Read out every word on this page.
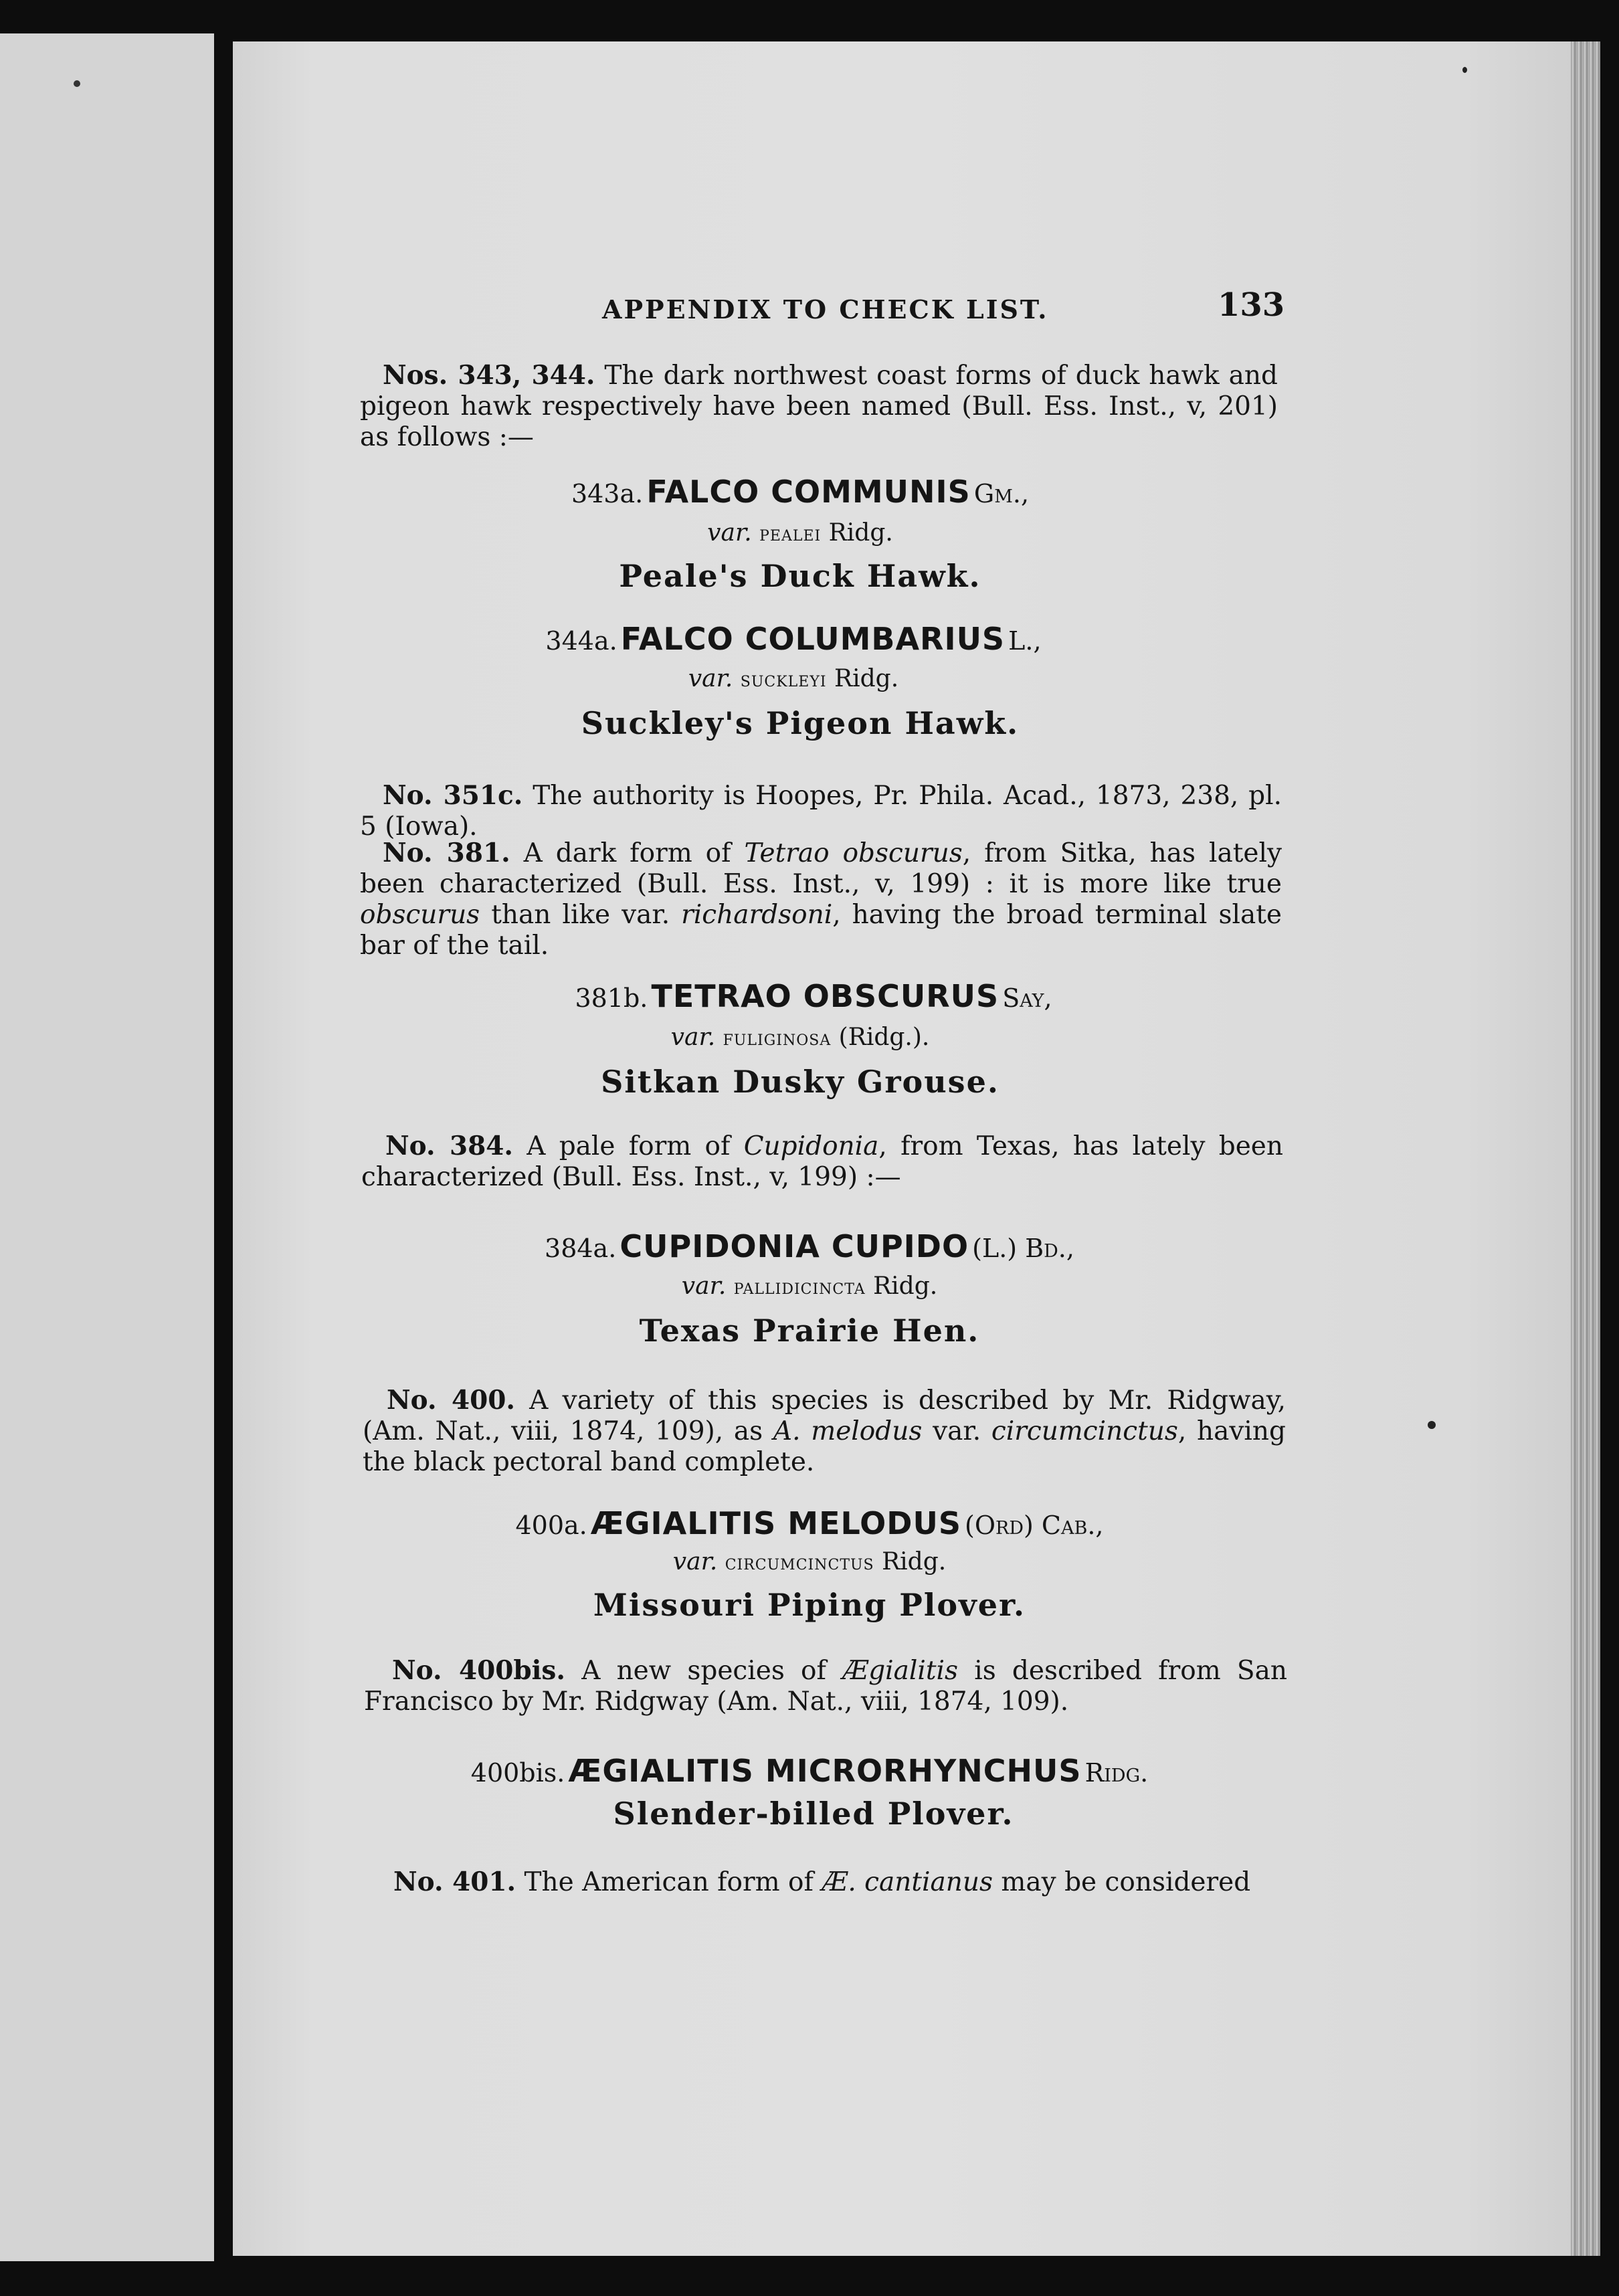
APPENDIX TO CHECK LIST.	133
Nos. 343, 344. The dark northwest coast forms of duck hawk and pigeon hawk respectively have been named (Bull. Ess. Inst., v, 201) as follows :—
343a. FALCO COMMUNIS Gm.,
var. pealei Ridg.
Peale's Duck Hawk.
344a. FALCO COLUMBARIUS L.,
var. suckleyi Ridg.
Suckley's Pigeon Hawk.
No. 351c. The authority is Hoopes, Pr. Phila. Acad., 1873, 238, pl. 5 (Iowa).
No. 381. A dark form of Tetrao obscurus, from Sitka, has lately been characterized (Bull. Ess. Inst., v, 199) : it is more like true obscurus than like var. richardsoni, having the broad terminal slate bar of the tail.
381b. TETRAO OBSCURUS Say,
var. fuliginosa (Ridg.).
Sitkan Dusky Grouse.
No. 384. A pale form of Cupidonia, from Texas, has lately been characterized (Bull. Ess. Inst., v, 199) :—
384a. CUPIDONIA CUPIDO (L.) Bd.,
var. pallidicincta Ridg.
Texas Prairie Hen.
No. 400. A variety of this species is described by Mr. Ridgway, (Am. Nat., viii, 1874, 109), as A. melodus var. circumcinctus, having the black pectoral band complete.
400a. ÆGIALITIS MELODUS (Ord) Cab.,
var. circumcinctus Ridg.
Missouri Piping Plover.
No. 400bis. A new species of Ægialitis is described from San Francisco by Mr. Ridgway (Am. Nat., viii, 1874, 109).
400bis. ÆGIALITIS MICRORHYNCHUS Ridg.
Slender-billed Plover.
No. 401. The American form of Æ. cantianus may be considered
